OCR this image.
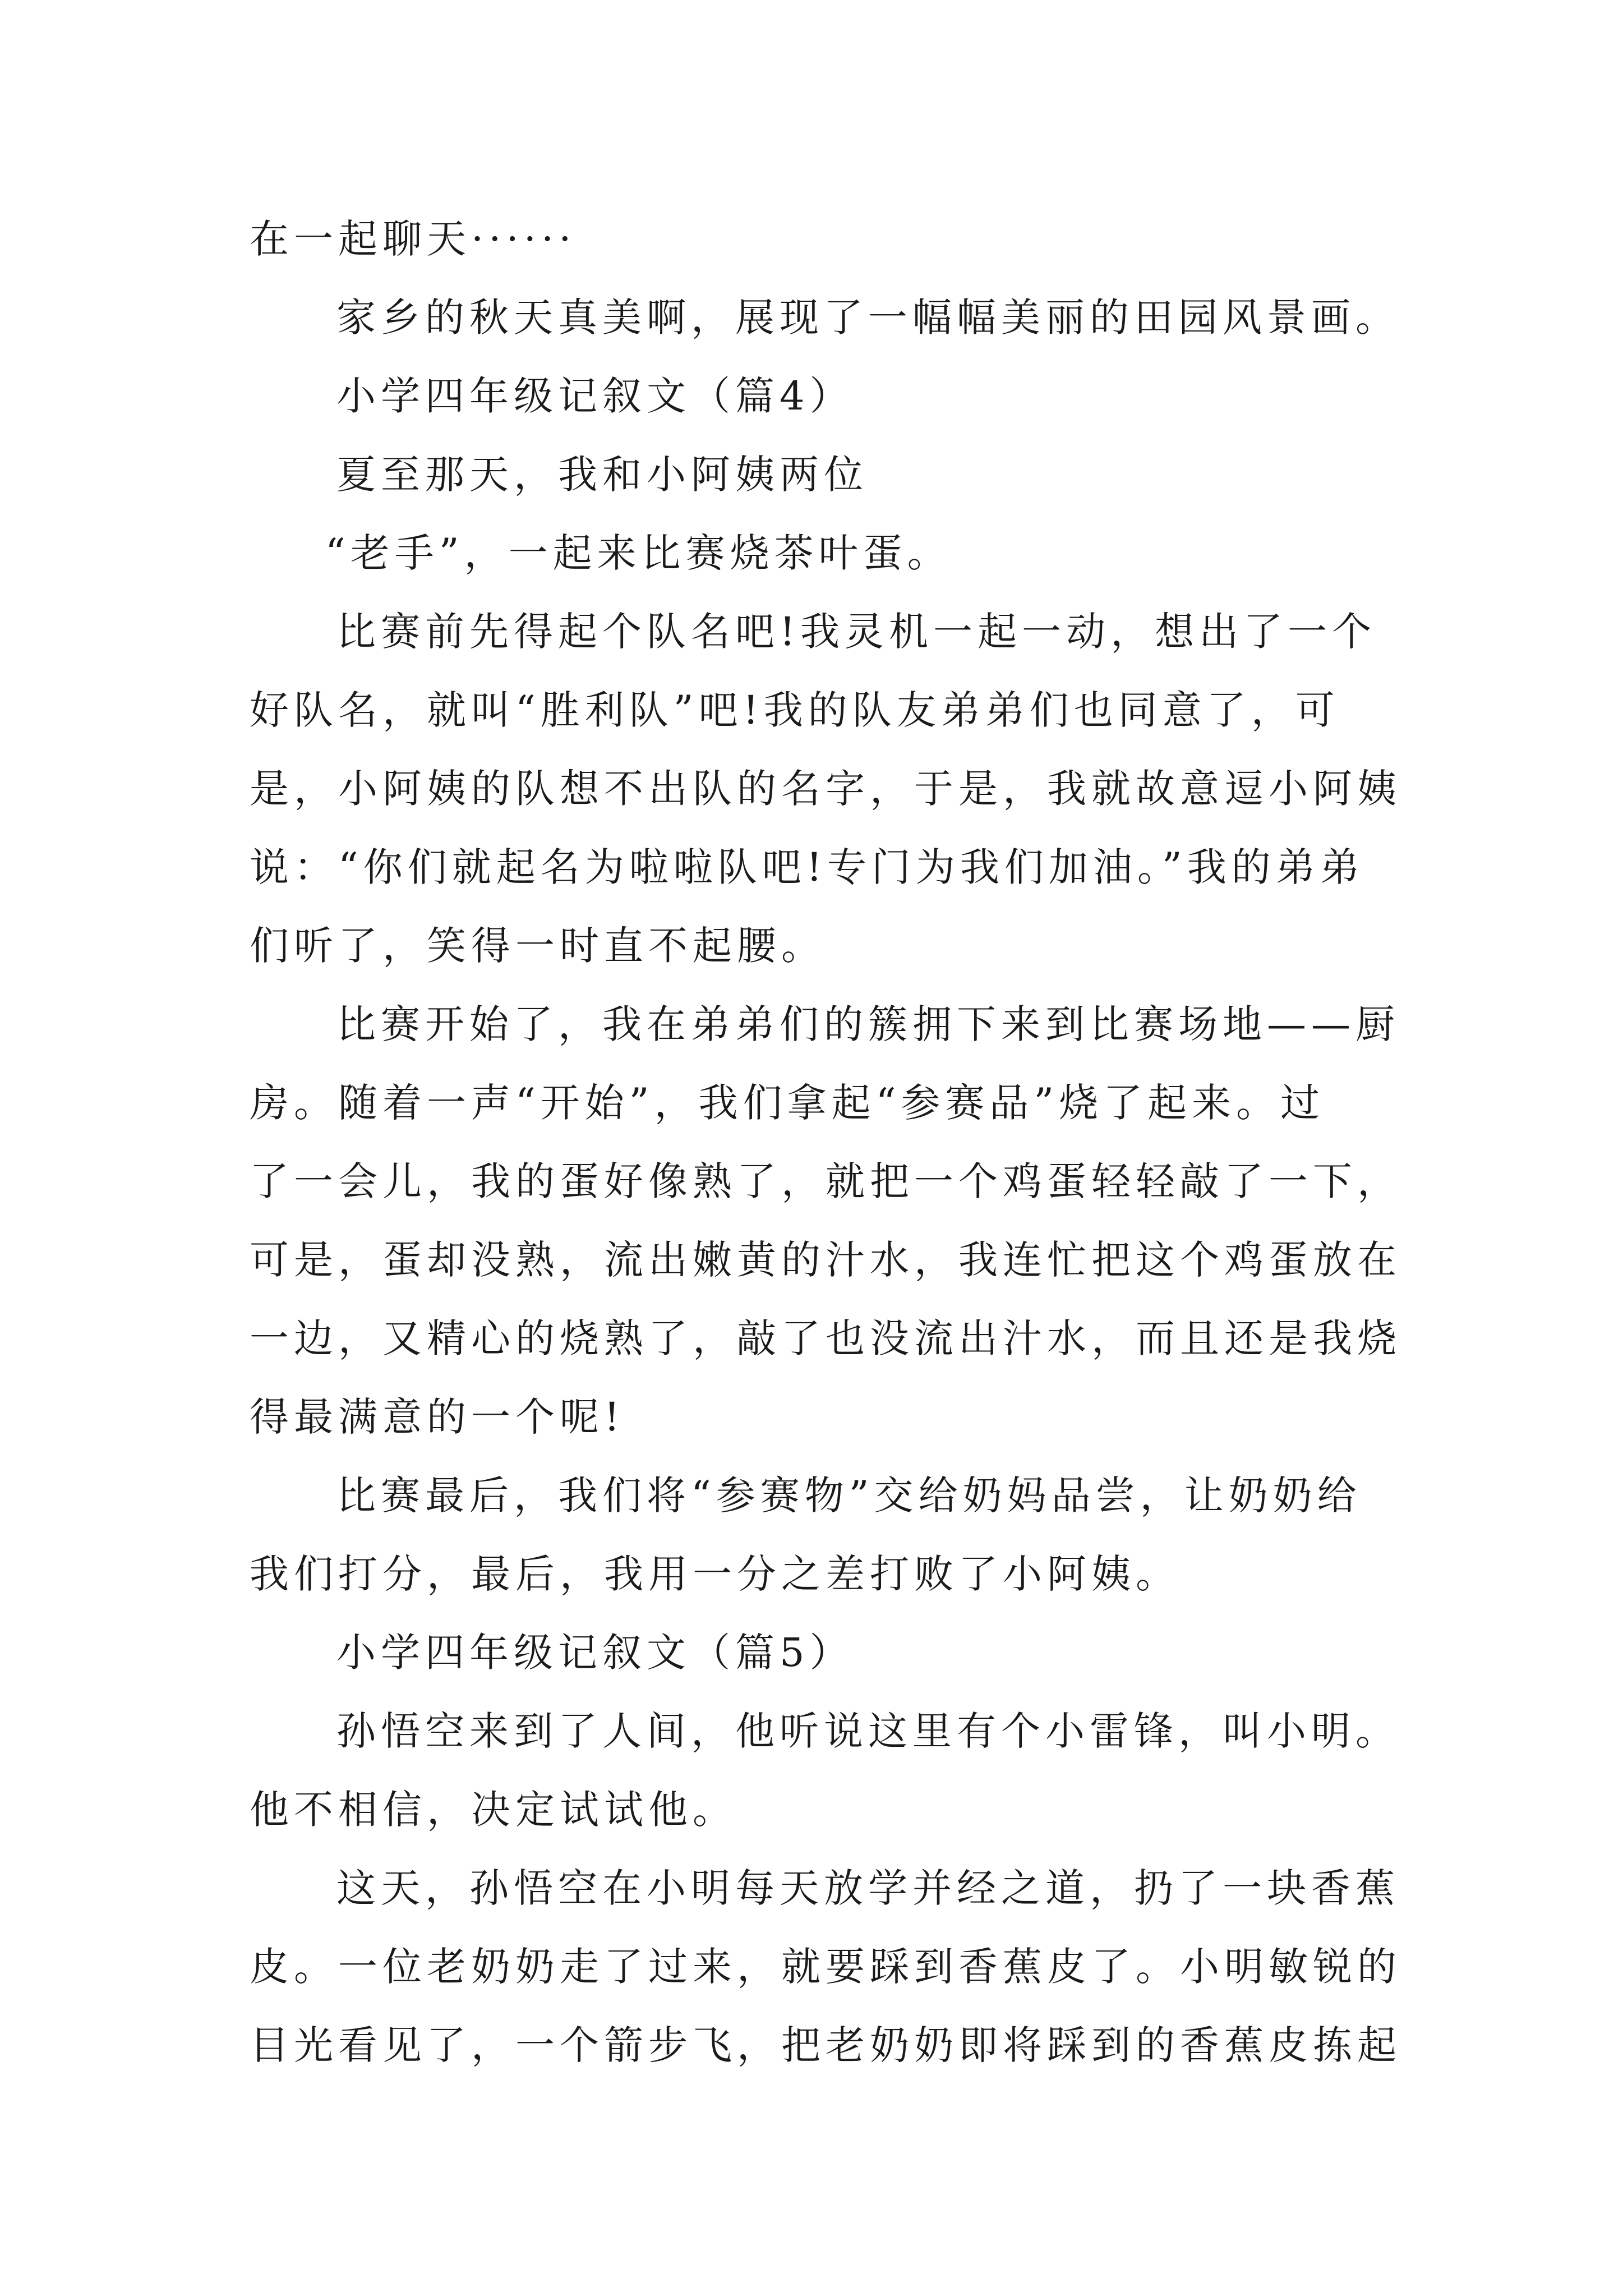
在一起聊天······
家乡的秋天真美啊，展现了一幅幅美丽的田园风景画。
小学四年级记叙文（篇4）
夏至那天，我和小阿姨两位
“老手”，一起来比赛烧茶叶蛋。
比赛前先得起个队名吧!我灵机一起一动，想出了一个
好队名，就叫“胜利队”吧!我的队友弟弟们也同意了，可
是，小阿姨的队想不出队的名字，于是，我就故意逗小阿姨
说：“你们就起名为啦啦队吧!专门为我们加油。”我的弟弟
们听了，笑得一时直不起腰。
比赛开始了，我在弟弟们的簇拥下来到比赛场地——厨
房。随着一声“开始”，我们拿起“参赛品”烧了起来。过
了一会儿，我的蛋好像熟了，就把一个鸡蛋轻轻敲了一下，
可是，蛋却没熟，流出嫩黄的汁水，我连忙把这个鸡蛋放在
一边，又精心的烧熟了，敲了也没流出汁水，而且还是我烧
得最满意的一个呢!
比赛最后，我们将“参赛物”交给奶妈品尝，让奶奶给
我们打分，最后，我用一分之差打败了小阿姨。
小学四年级记叙文（篇5）
孙悟空来到了人间，他听说这里有个小雷锋，叫小明。
他不相信，决定试试他。
这天，孙悟空在小明每天放学并经之道，扔了一块香蕉
皮。一位老奶奶走了过来，就要踩到香蕉皮了。小明敏锐的
目光看见了，一个箭步飞，把老奶奶即将踩到的香蕉皮拣起
